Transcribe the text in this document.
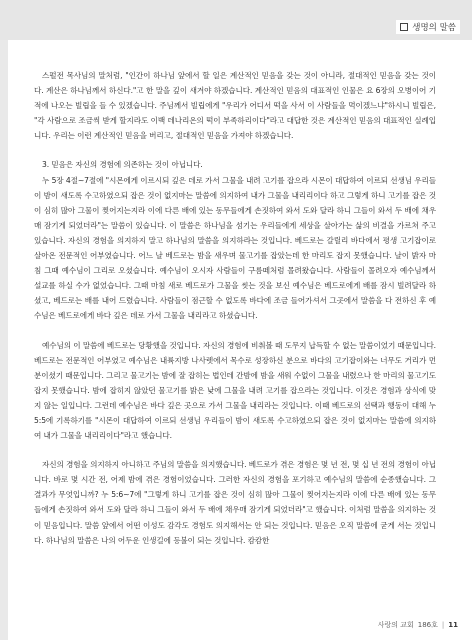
생명의 말씀

스펄전 목사님의 말처럼, "인간이 하나님 앞에서 할 일은 계산적인 믿음을 갖는 것이 아니라, 절대적인 믿음을 갖는 것이다. 계산은 하나님께서 하신다."고 한 말을 깊이 새겨야 하겠습니다. 계산적인 믿음의 대표적인 인물은 요 6장의 오병이어 기적에 나오는 빌립을 들 수 있겠습니다. 주님께서 빌립에게 "우리가 어디서 떡을 사서 이 사람들을 먹이겠느냐"하시니 빌립은, "각 사람으로 조금씩 받게 할지라도 이백 데나리온의 떡이 부족하리이다"라고 대답한 것은 계산적인 믿음의 대표적인 실례입니다. 우리는 이런 계산적인 믿음을 버리고, 절대적인 믿음을 가져야 하겠습니다.

3. 믿음은 자신의 경험에 의존하는 것이 아닙니다.

누 5장 4절~7절에 "시몬에게 이르시되 깊은 데로 가서 그물을 내려 고기를 잡으라 시몬이 대답하여 이르되 선생님 우리들이 밤이 새도록 수고하였으되 잡은 것이 없지마는 말씀에 의지하여 내가 그물을 내리리이다 하고 그렇게 하니 고기를 잡은 것이 심히 많아 그물이 찢어지는지라 이에 다른 배에 있는 동무들에게 손짓하여 와서 도와 달라 하니 그들이 와서 두 배에 채우매 잠기게 되었더라"는 말씀이 있습니다. 이 말씀은 하나님을 섬기는 우리들에게 세상을 살아가는 삶의 비결을 가르쳐 주고 있습니다. 자신의 경험을 의지하지 말고 하나님의 말씀을 의지하라는 것입니다. 베드로는 갈릴리 바다에서 평생 고기잡이로 살아온 전문적인 어부였습니다. 어느 날 베드로는 밤을 새우며 물고기를 잡았는데 한 마리도 잡지 못했습니다. 날이 밝자 마침 그때 예수님이 그리로 오셨습니다. 예수님이 오시자 사람들이 구름떼처럼 몰려왔습니다. 사람들이 몰려오자 예수님께서 설교를 하실 수가 없었습니다. 그때 마침 새로 베드로가 그물을 씻는 것을 보신 예수님은 베드로에게 배를 잠시 빌려달라 하셨고, 베드로는 배를 내어 드렸습니다. 사람들이 점근할 수 없도록 바다에 조금 들어가셔서 그곳에서 말씀을 다 전하신 후 예수님은 베드로에게 바다 깊은 데로 가서 그물을 내리라고 하셨습니다.

예수님의 이 말씀에 베드로는 당황했을 것입니다. 자신의 경험에 비춰볼 때 도무지 납득할 수 없는 말씀이었기 때문입니다. 베드로는 전문적인 어부였고 예수님은 내륙지방 나사렛에서 목수로 성장하신 분으로 바다의 고기잡이와는 너무도 거리가 먼 분이셨기 때문입니다. 그리고 물고기는 밤에 잘 잡히는 법인데 간밤에 밤을 새워 수없이 그물을 내렸으나 한 마리의 물고기도 잡지 못했습니다. 밤에 잡히지 않았던 물고기를 밝은 낮에 그물을 내려 고기를 잡으라는 것입니다. 이것은 경험과 상식에 맞지 않는 일입니다. 그런데 예수님은 바다 깊은 곳으로 가서 그물을 내리라는 것입니다. 이때 베드로의 선택과 행동이 대해 누 5:5에 기록하기를 "시몬이 대답하여 이르되 선생님 우리들이 밤이 새도록 수고하였으되 잡은 것이 없지마는 말씀에 의지하여 내가 그물을 내리리이다"라고 했습니다.

자신의 경험을 의지하지 아니하고 주님의 말씀을 의지했습니다. 베드로가 겪은 경험은 몇 년 전, 몇 십 년 전의 경험이 아닙니다. 바로 몇 시간 전, 어제 밤에 겪은 경험이었습니다. 그러한 자신의 경험을 포기하고 예수님의 말씀에 순종했습니다. 그 결과가 무엇입니까? 누 5:6~7에 "그렇게 하니 고기를 잡은 것이 심히 많아 그물이 찢어지는지라 이에 다른 배에 있는 동무들에게 손짓하여 와서 도와 달라 하니 그들이 와서 두 배에 채우매 잠기게 되었더라"고 했습니다. 이처럼 말씀을 의지하는 것이 믿음입니다. 말씀 앞에서 어떤 이성도 감각도 경험도 의지해서는 안 되는 것입니다. 믿음은 오직 말씀에 굳게 서는 것입니다. 하나님의 말씀은 나의 어두운 인생길에 등불이 되는 것입니다. 캄캄한

사랑의 교회 186호 | 11
